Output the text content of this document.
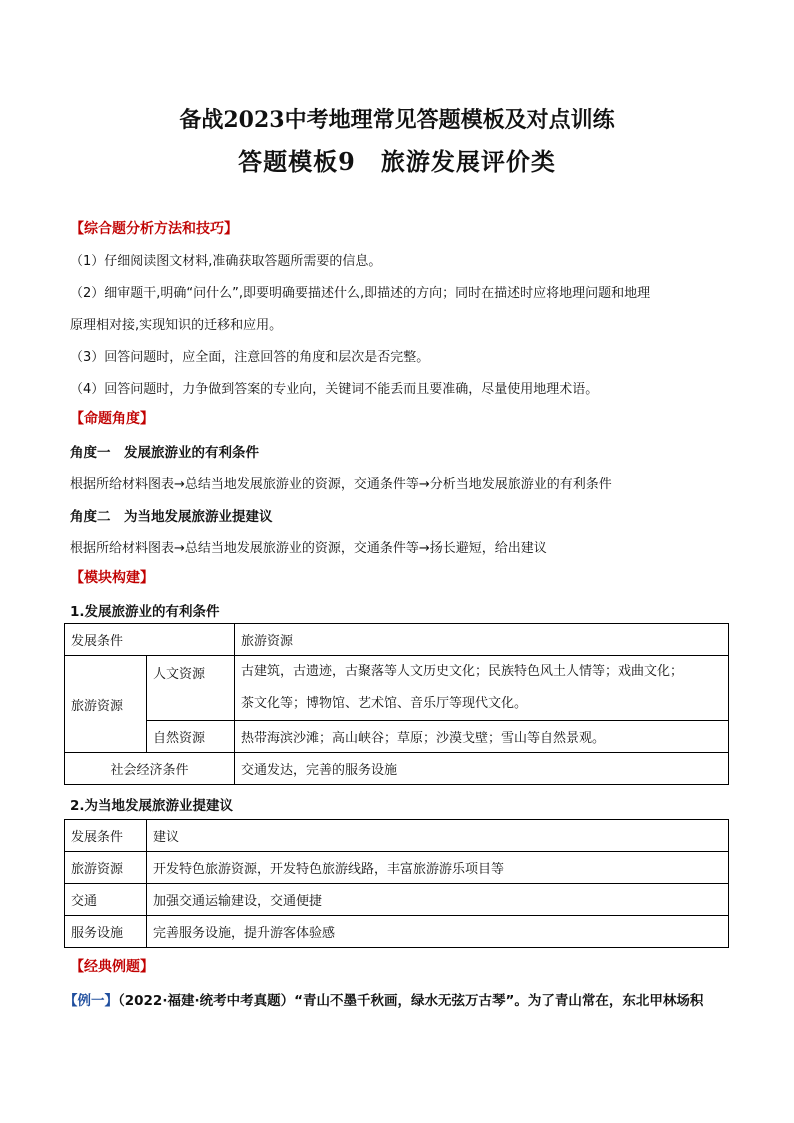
备战2023中考地理常见答题模板及对点训练
答题模板9　旅游发展评价类
【综合题分析方法和技巧】
（1）仔细阅读图文材料,准确获取答题所需要的信息。
（2）细审题干,明确“问什么”,即要明确要描述什么,即描述的方向；同时在描述时应将地理问题和地理
原理相对接,实现知识的迁移和应用。
（3）回答问题时，应全面，注意回答的角度和层次是否完整。
（4）回答问题时，力争做到答案的专业向，关键词不能丢而且要准确，尽量使用地理术语。
【命题角度】
角度一　发展旅游业的有利条件
根据所给材料图表→总结当地发展旅游业的资源，交通条件等→分析当地发展旅游业的有利条件
角度二　为当地发展旅游业提建议
根据所给材料图表→总结当地发展旅游业的资源，交通条件等→扬长避短，给出建议
【模块构建】
1.发展旅游业的有利条件
发展条件		旅游资源
旅游资源	人文资源	古建筑，古遗迹，古聚落等人文历史文化；民族特色风土人情等；戏曲文化；
茶文化等；博物馆、艺术馆、音乐厅等现代文化。

	自然资源	热带海滨沙滩；高山峡谷；草原；沙漠戈壁；雪山等自然景观。
社会经济条件		交通发达，完善的服务设施
2.为当地发展旅游业提建议
发展条件	建议
旅游资源	开发特色旅游资源，开发特色旅游线路，丰富旅游游乐项目等
交通	加强交通运输建设，交通便捷
服务设施	完善服务设施，提升游客体验感
【经典例题】
【例一】（2022·福建·统考中考真题）“青山不墨千秋画，绿水无弦万古琴”。为了青山常在，东北甲林场积
